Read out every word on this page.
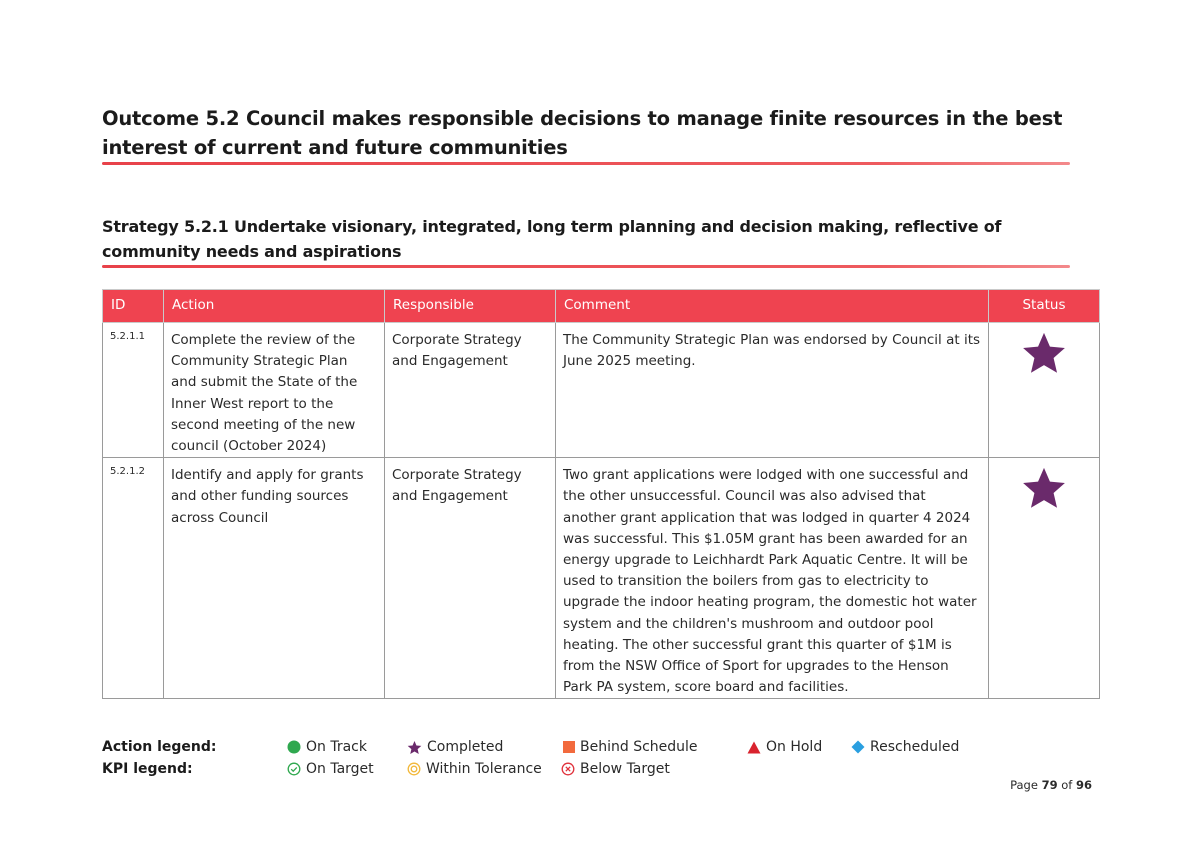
Outcome 5.2 Council makes responsible decisions to manage finite resources in the best interest of current and future communities
Strategy 5.2.1 Undertake visionary, integrated, long term planning and decision making, reflective of community needs and aspirations
ID	Action	Responsible	Comment	Status
5.2.1.1	Complete the review of the Community Strategic Plan and submit the State of the Inner West report to the second meeting of the new council (October 2024)	Corporate Strategy and Engagement	The Community Strategic Plan was endorsed by Council at its June 2025 meeting.	
5.2.1.2	Identify and apply for grants and other funding sources across Council	Corporate Strategy and Engagement	Two grant applications were lodged with one successful and the other unsuccessful. Council was also advised that another grant application that was lodged in quarter 4 2024 was successful. This $1.05M grant has been awarded for an energy upgrade to Leichhardt Park Aquatic Centre. It will be used to transition the boilers from gas to electricity to upgrade the indoor heating program, the domestic hot water system and the children's mushroom and outdoor pool heating. The other successful grant this quarter of $1M is from the NSW Office of Sport for upgrades to the Henson Park PA system, score board and facilities.	
Action legend:	On Track	Completed	Behind Schedule	On Hold	Rescheduled
KPI legend:	On Target	Within Tolerance	Below Target
Page 79 of 96
